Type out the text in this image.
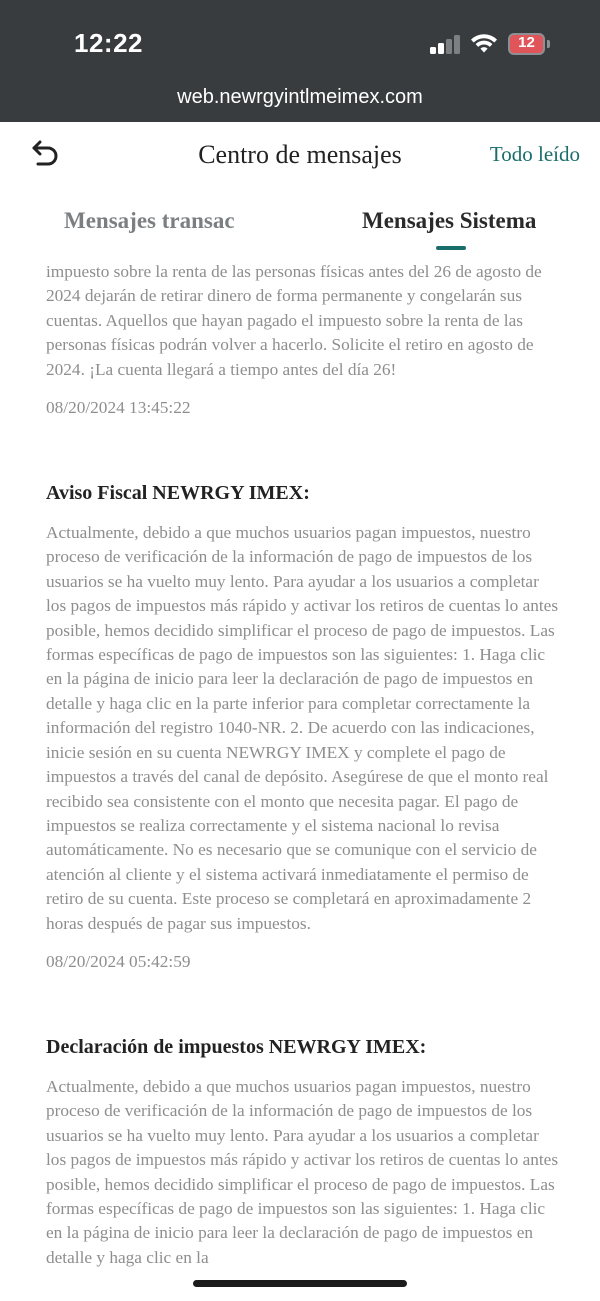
12:22	12
web.newrgyintlmeimex.com
Centro de mensajes	Todo leído
Mensajes transac	Mensajes Sistema
impuesto sobre la renta de las personas físicas antes del 26 de agosto de 2024 dejarán de retirar dinero de forma permanente y congelarán sus cuentas. Aquellos que hayan pagado el impuesto sobre la renta de las personas físicas podrán volver a hacerlo. Solicite el retiro en agosto de 2024. ¡La cuenta llegará a tiempo antes del día 26!
08/20/2024 13:45:22
Aviso Fiscal NEWRGY IMEX:
Actualmente, debido a que muchos usuarios pagan impuestos, nuestro proceso de verificación de la información de pago de impuestos de los usuarios se ha vuelto muy lento. Para ayudar a los usuarios a completar los pagos de impuestos más rápido y activar los retiros de cuentas lo antes posible, hemos decidido simplificar el proceso de pago de impuestos. Las formas específicas de pago de impuestos son las siguientes: 1. Haga clic en la página de inicio para leer la declaración de pago de impuestos en detalle y haga clic en la parte inferior para completar correctamente la información del registro 1040-NR. 2. De acuerdo con las indicaciones, inicie sesión en su cuenta NEWRGY IMEX y complete el pago de impuestos a través del canal de depósito. Asegúrese de que el monto real recibido sea consistente con el monto que necesita pagar. El pago de impuestos se realiza correctamente y el sistema nacional lo revisa automáticamente. No es necesario que se comunique con el servicio de atención al cliente y el sistema activará inmediatamente el permiso de retiro de su cuenta. Este proceso se completará en aproximadamente 2 horas después de pagar sus impuestos.
08/20/2024 05:42:59
Declaración de impuestos NEWRGY IMEX:
Actualmente, debido a que muchos usuarios pagan impuestos, nuestro proceso de verificación de la información de pago de impuestos de los usuarios se ha vuelto muy lento. Para ayudar a los usuarios a completar los pagos de impuestos más rápido y activar los retiros de cuentas lo antes posible, hemos decidido simplificar el proceso de pago de impuestos. Las formas específicas de pago de impuestos son las siguientes: 1. Haga clic en la página de inicio para leer la declaración de pago de impuestos en detalle y haga clic en la
